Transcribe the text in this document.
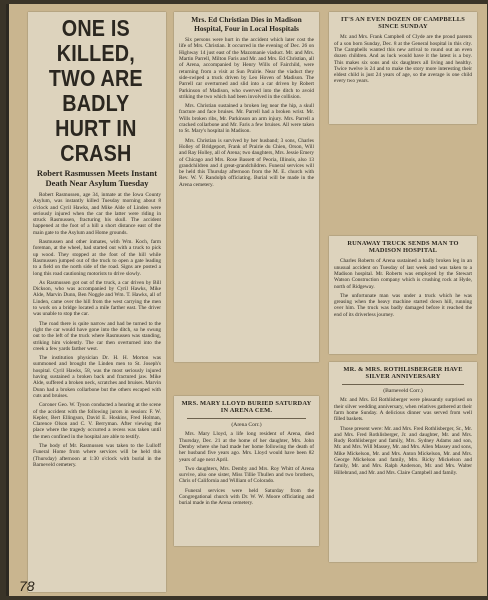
ONE IS KILLED,
TWO ARE BADLY
HURT IN CRASH
Robert Rasmussen Meets Instant Death Near Asylum Tuesday

Robert Rasmussen, age 34, inmate at the Iowa County Asylum, was instantly killed Tuesday morning about 8 o'clock and Cyril Hawks, and Mike Alde of Linden were seriously injured when the car the latter were riding in struck Rasmussen, fracturing his skull. The accident happened at the foot of a hill a short distance east of the main gate to the Asylum and Home grounds.

Rasmussen and other inmates, with Wm. Koch, farm foreman, at the wheel, had started out with a truck to pick up wood. They stopped at the foot of the hill while Rasmussen jumped out of the truck to open a gate leading to a field on the north side of the road. Signs are posted a long this road cautioning motorists to drive slowly.

As Rasmussen got out of the truck, a car driven by Bill Dickson, who was accompanied by Cyril Hawks, Mike Alde, Marvin Dunn, Ben Noggle and Wm. T. Hawks, all of Linden, came over the hill from the west carrying the men to work on a bridge located a mile farther east. The driver was unable to stop the car.

The road there is quite narrow and had be turned to the right the car would have gone into the ditch, so he swung out to the left of the truck where Rasmussen was standing, striking him violently. The car then overturned into the creek a few yards farther west.

The institution physician Dr. H. H. Morton was summoned and brought the Linden men to St. Joseph's hospital. Cyril Hawks, 58, was the most seriously injured having sustained a broken back and fractured jaw. Mike Alde, suffered a broken neck, scratches and bruises. Marvin Dunn had a broken collarbone but the others escaped with cuts and bruises.

Coroner Geo. W. Tyson conducted a hearing at the scene of the accident with the following jurors in session: F. W. Kepler, Bert Ellingson, David E. Hoskins, Fred Holman, Clarence Olson and C. V. Berryman. After viewing the place where the tragedy occurred a recess was taken until the men confined in the hospital are able to testify.

The body of Mr. Rasmussen was taken to the Lulloff Funeral Home from where services will be held this (Thursday) afternoon at 1:30 o'clock with burial in the Barneveld cemetery.

Mrs. Ed Christian Dies in Madison Hospital, Four in Local Hospitals

Six persons were hurt in the accident which later cost the life of Mrs. Christian. It occurred in the evening of Dec. 26 on Highway 14 just east of the Mazomanie viaduct. Mr. and Mrs. Martin Parrell, Milton Faris and Mr. and Mrs. Ed Christian, all of Arena, accompanied by Henry Wills of Fairchild, were returning from a visit at Sun Prairie. Near the viaduct they side-swiped a truck driven by Leo Hoven of Madison. The Parrell car overturned and slid into a car driven by Robert Parkinson of Madison, who swerved into the ditch to avoid striking the two which had been involved in the collision.

Mrs. Christian sustained a broken leg near the hip, a skull fracture and face bruises. Mr. Parrell had a broken wrist. Mr. Wills broken ribs, Mr. Parkinson an arm injury. Mrs. Parrell a cracked collarbone and Mr. Faris a few bruises. All were taken to St. Mary's hospital in Madison.

Mrs. Christian is survived by her husband; 3 sons, Charles Holley of Bridgeport, Frank of Prairie du Chien, Orson, Will and Ray Holley, all of Arena; two daughters, Mrs. Jessie Emery of Chicago and Mrs. Rose Bassett of Peoria, Illinois, also 13 grandchildren and 4 great-grandchildren. Funeral services will be held this Thursday afternoon from the M. E. church with Rev. W. V. Randolph officiating. Burial will be made in the Arena cemetery.

IT'S AN EVEN DOZEN OF CAMPBELLS SINCE SUNDAY

Mr. and Mrs. Frank Campbell of Clyde are the proud parents of a son born Sunday, Dec. 8 at the General hospital in this city. The Campbells wanted this new arrival to round out an even dozen children. And as luck would have it the latest is a boy. This makes six sons and six daughters all living and healthy. Twice twelve is 24 and to make the story more interesting their eldest child is just 24 years of age, so the average is one child every two years.

RUNAWAY TRUCK SENDS MAN TO MADISON HOSPITAL

Charles Roberts of Arena sustained a badly broken leg in an unusual accident on Tuesday of last week and was taken to a Madison hospital. Mr. Roberts was employed by the Stewart Watson Construction company which is crushing rock at Hyde, north of Ridgeway.

The unfortunate man was under a truck which he was greasing when the heavy machine started down hill, running over him. The truck was badly damaged before it reached the end of its driverless journey.

MRS. MARY LLOYD BURIED SATURDAY IN ARENA CEM.
(Arena Corr.)

Mrs. Mary Lloyd, a life long resident of Arena, died Thursday, Dec. 21 at the home of her daughter, Mrs. John Demby where she had made her home following the death of her husband five years ago. Mrs. Lloyd would have been 82 years of age next April.

Two daughters, Mrs. Demby and Mrs. Roy Whitt of Arena survive, also one sister, Miss Tillie Thullen and two brothers, Chris of California and William of Colorado.

Funeral services were held Saturday from the Congregational church with Dr. W. W. Moore officiating and burial made in the Arena cemetery.

MR. & MRS. ROTHLISBERGER HAVE SILVER ANNIVERSARY
(Barneveld Corr.)

Mr. and Mrs. Ed Rothlisberger were pleasantly surprised on their silver wedding anniversary, when relatives gathered at their farm home Sunday. A delicious dinner was served from well filled baskets.

Those present were: Mr. and Mrs. Fred Rothlisberger, Sr., Mr. and Mrs. Fred Rothlisberger, Jr. and daughter, Mr. and Mrs. Rudy Rothlisberger and family, Mrs. Sydney Adams and son, Mr. and Mrs. Will Massey, Mr. and Mrs. Allen Massey and sons, Mike Mickelson, Mr. and Mrs. Anton Mickelson, Mr. and Mrs. George Mickelson and family, Mrs. Ricky Mickelson and family, Mr. and Mrs. Ralph Anderson, Mr. and Mrs. Walter Hillebrand, and Mr. and Mrs. Claire Campbell and family.

78
